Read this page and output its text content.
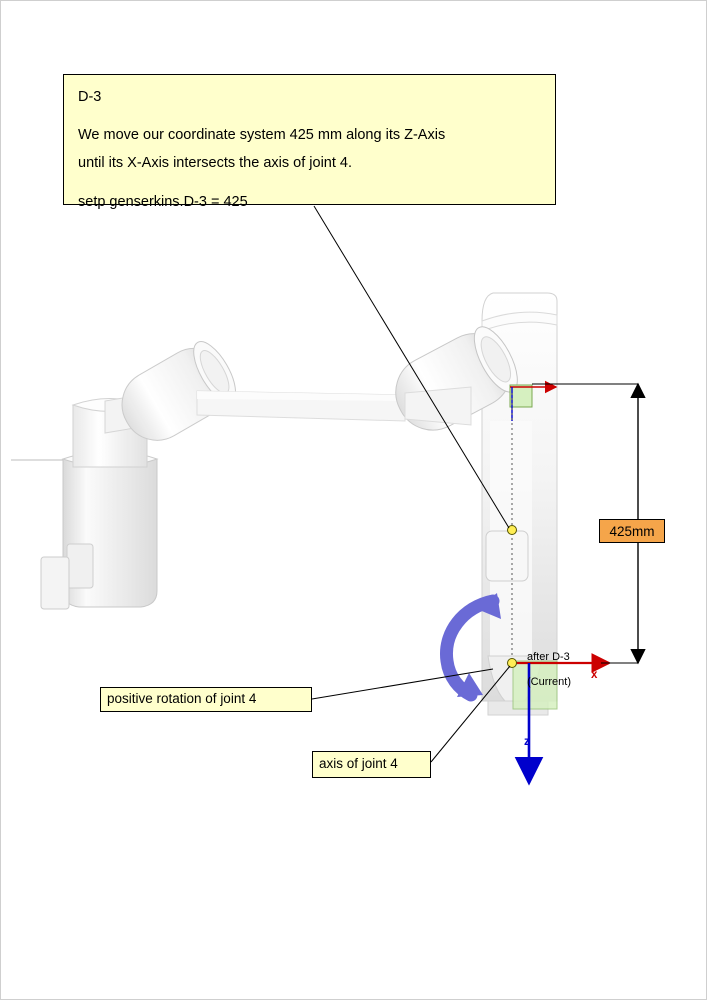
D-3
We move our coordinate system 425 mm along its Z-Axis
until its X-Axis intersects the axis of joint 4.
setp genserkins.D-3 = 425
positive rotation of joint 4
axis of joint 4
425mm

after D-3

(Current)

x
z
